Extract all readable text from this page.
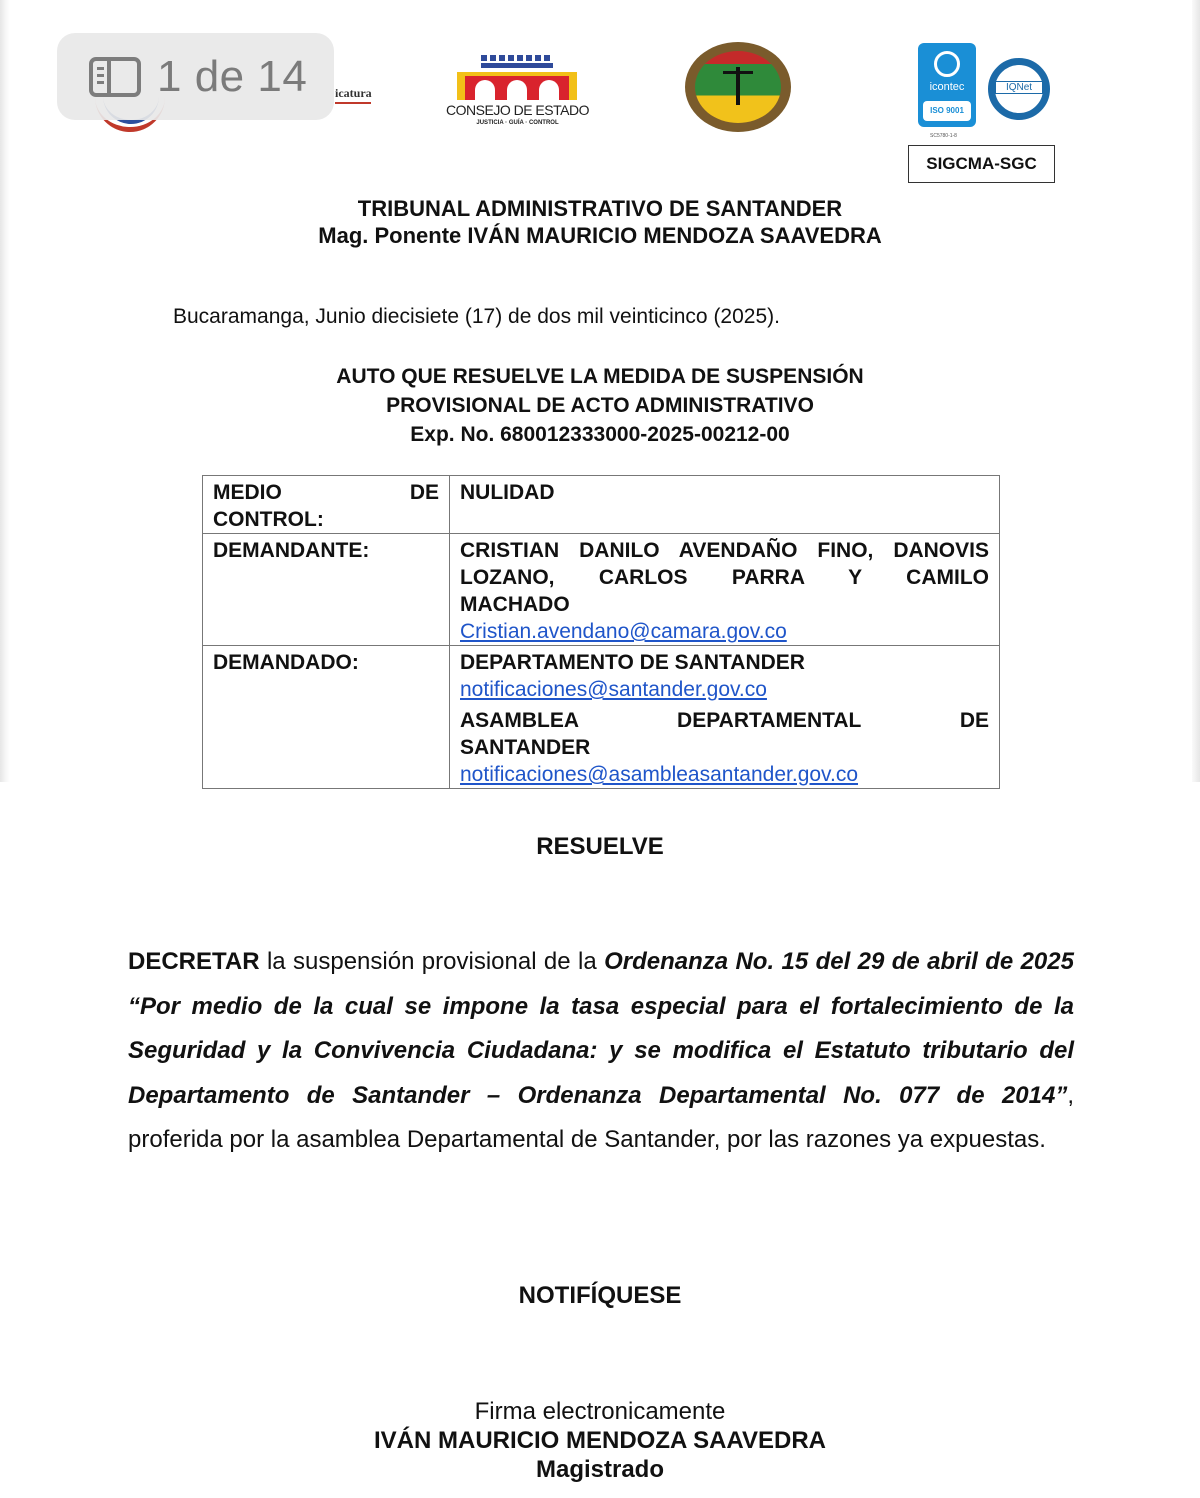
icatura
CONSEJO DE ESTADO
JUSTICIA · GUÍA · CONTROL
icontec
ISO 9001
IQNet
SC5780-1-8
SIGCMA-SGC
TRIBUNAL ADMINISTRATIVO DE SANTANDER
Mag. Ponente IVÁN MAURICIO MENDOZA SAAVEDRA
Bucaramanga, Junio diecisiete (17) de dos mil veinticinco (2025).
AUTO QUE RESUELVE LA MEDIDA DE SUSPENSIÓN
PROVISIONAL DE ACTO ADMINISTRATIVO
Exp. No. 680012333000-2025-00212-00
MEDIO DE
CONTROL:	NULIDAD
DEMANDANTE:	CRISTIAN DANILO AVENDAÑO FINO, DANOVIS
LOZANO, CARLOS PARRA Y CAMILO
MACHADO
Cristian.avendano@camara.gov.co

DEMANDADO:	DEPARTAMENTO DE SANTANDER
notificaciones@santander.gov.co
ASAMBLEA DEPARTAMENTAL DE
SANTANDER
notificaciones@asambleasantander.gov.co
1 de 14
RESUELVE

DECRETAR la suspensión provisional de la Ordenanza No. 15 del 29 de abril de 2025 “Por medio de la cual se impone la tasa especial para el fortalecimiento de la Seguridad y la Convivencia Ciudadana: y se modifica el Estatuto tributario del Departamento de Santander – Ordenanza Departamental No. 077 de 2014”, proferida por la asamblea Departamental de Santander, por las razones ya expuestas.

NOTIFÍQUESE
Firma electronicamente
IVÁN MAURICIO MENDOZA SAAVEDRA
Magistrado
